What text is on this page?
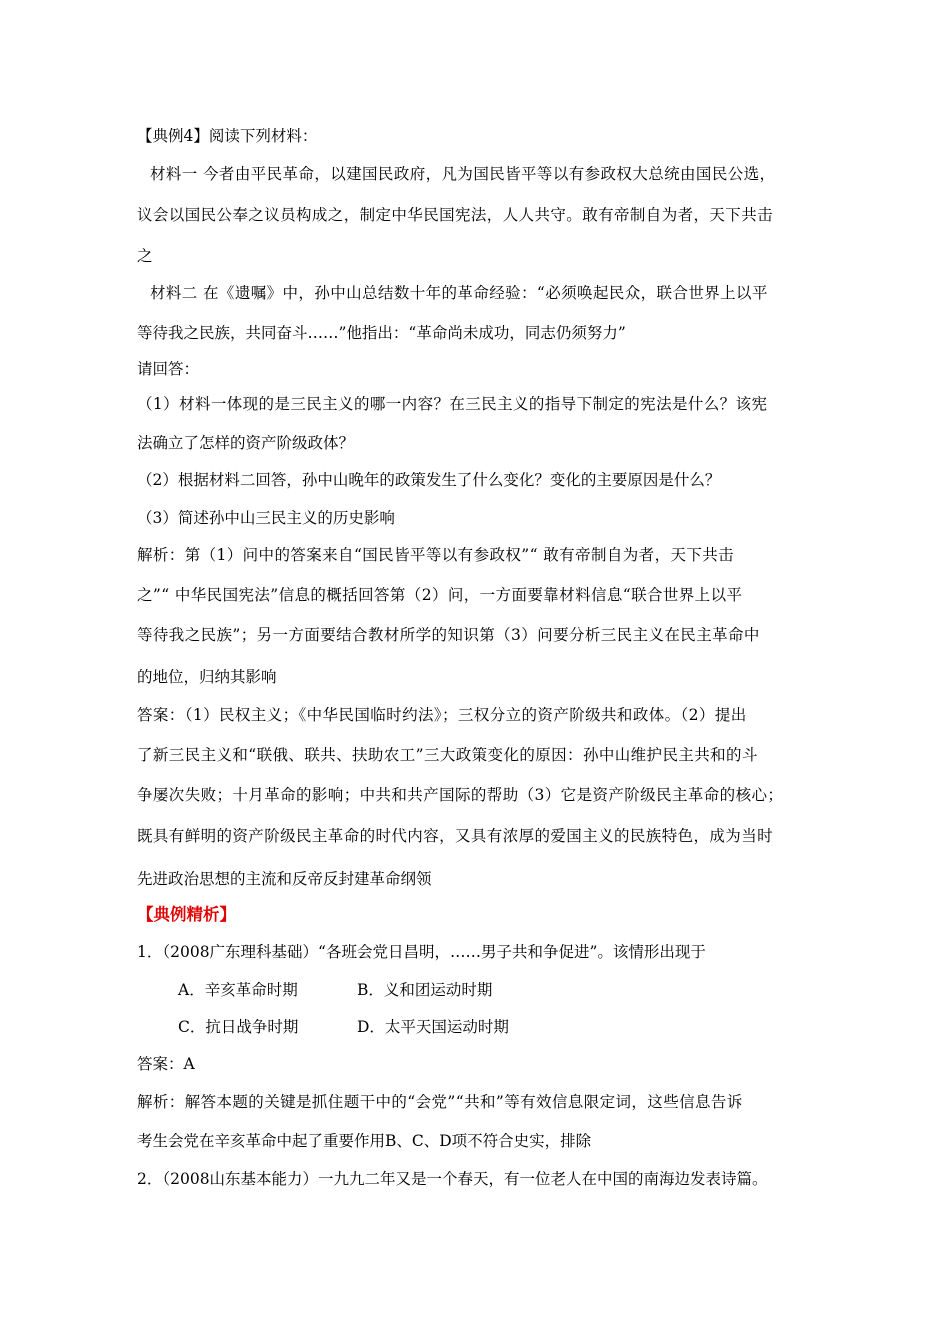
【典例4】阅读下列材料：
材料一 今者由平民革命，以建国民政府，凡为国民皆平等以有参政权大总统由国民公选，
议会以国民公奉之议员构成之，制定中华民国宪法，人人共守。敢有帝制自为者，天下共击
之
材料二 在《遗嘱》中，孙中山总结数十年的革命经验：“必须唤起民众，联合世界上以平
等待我之民族，共同奋斗……”他指出：“革命尚未成功，同志仍须努力”
请回答：
（1）材料一体现的是三民主义的哪一内容？在三民主义的指导下制定的宪法是什么？该宪
法确立了怎样的资产阶级政体？
（2）根据材料二回答，孙中山晚年的政策发生了什么变化？变化的主要原因是什么？
（3）简述孙中山三民主义的历史影响
解析：第（1）问中的答案来自“国民皆平等以有参政权”“ 敢有帝制自为者，天下共击
之”“ 中华民国宪法”信息的概括回答第（2）问，一方面要靠材料信息“联合世界上以平
等待我之民族”；另一方面要结合教材所学的知识第（3）问要分析三民主义在民主革命中
的地位，归纳其影响
答案：（1）民权主义；《中华民国临时约法》；三权分立的资产阶级共和政体。（2）提出
了新三民主义和“联俄、联共、扶助农工”三大政策变化的原因：孙中山维护民主共和的斗
争屡次失败；十月革命的影响；中共和共产国际的帮助（3）它是资产阶级民主革命的核心；
既具有鲜明的资产阶级民主革命的时代内容，又具有浓厚的爱国主义的民族特色，成为当时
先进政治思想的主流和反帝反封建革命纲领
【典例精析】
1．（2008广东理科基础）“各班会党日昌明，……男子共和争促进”。该情形出现于
A．辛亥革命时期	B．义和团运动时期
C．抗日战争时期	D．太平天国运动时期
答案：A
解析：解答本题的关键是抓住题干中的“会党”“共和”等有效信息限定词，这些信息告诉
考生会党在辛亥革命中起了重要作用B、C、D项不符合史实，排除
2．（2008山东基本能力）一九九二年又是一个春天，有一位老人在中国的南海边发表诗篇。
